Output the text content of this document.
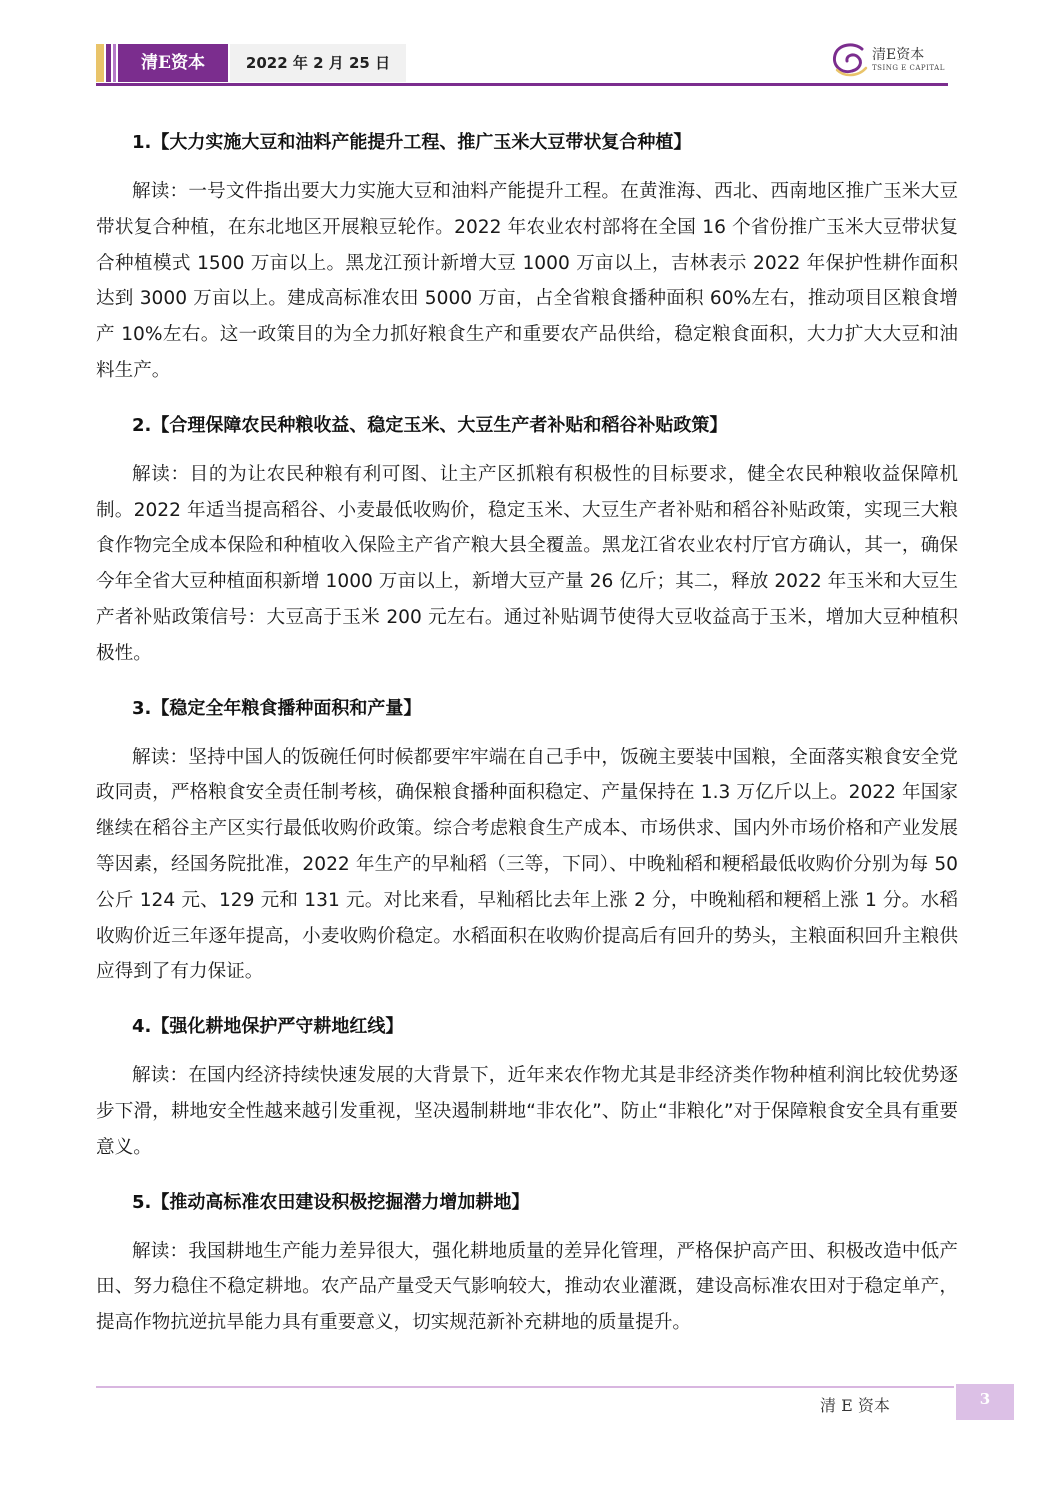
清E资本	2022 年 2 月 25 日	清E资本
TSING E CAPITAL
1.【大力实施大豆和油料产能提升工程、推广玉米大豆带状复合种植】

解读：一号文件指出要大力实施大豆和油料产能提升工程。在黄淮海、西北、西南地区推广玉米大豆带状复合种植，在东北地区开展粮豆轮作。2022 年农业农村部将在全国 16 个省份推广玉米大豆带状复合种植模式 1500 万亩以上。黑龙江预计新增大豆 1000 万亩以上，吉林表示 2022 年保护性耕作面积达到 3000 万亩以上。建成高标准农田 5000 万亩，占全省粮食播种面积 60%左右，推动项目区粮食增产 10%左右。这一政策目的为全力抓好粮食生产和重要农产品供给，稳定粮食面积，大力扩大大豆和油料生产。

2.【合理保障农民种粮收益、稳定玉米、大豆生产者补贴和稻谷补贴政策】

解读：目的为让农民种粮有利可图、让主产区抓粮有积极性的目标要求，健全农民种粮收益保障机制。2022 年适当提高稻谷、小麦最低收购价，稳定玉米、大豆生产者补贴和稻谷补贴政策，实现三大粮食作物完全成本保险和种植收入保险主产省产粮大县全覆盖。黑龙江省农业农村厅官方确认，其一，确保今年全省大豆种植面积新增 1000 万亩以上，新增大豆产量 26 亿斤；其二，释放 2022 年玉米和大豆生产者补贴政策信号：大豆高于玉米 200 元左右。通过补贴调节使得大豆收益高于玉米，增加大豆种植积极性。

3.【稳定全年粮食播种面积和产量】

解读：坚持中国人的饭碗任何时候都要牢牢端在自己手中，饭碗主要装中国粮，全面落实粮食安全党政同责，严格粮食安全责任制考核，确保粮食播种面积稳定、产量保持在 1.3 万亿斤以上。2022 年国家继续在稻谷主产区实行最低收购价政策。综合考虑粮食生产成本、市场供求、国内外市场价格和产业发展等因素，经国务院批准，2022 年生产的早籼稻（三等，下同）、中晚籼稻和粳稻最低收购价分别为每 50 公斤 124 元、129 元和 131 元。对比来看，早籼稻比去年上涨 2 分，中晚籼稻和粳稻上涨 1 分。水稻收购价近三年逐年提高，小麦收购价稳定。水稻面积在收购价提高后有回升的势头，主粮面积回升主粮供应得到了有力保证。

4.【强化耕地保护严守耕地红线】

解读：在国内经济持续快速发展的大背景下，近年来农作物尤其是非经济类作物种植利润比较优势逐步下滑，耕地安全性越来越引发重视，坚决遏制耕地“非农化”、防止“非粮化”对于保障粮食安全具有重要意义。

5.【推动高标准农田建设积极挖掘潜力增加耕地】

解读：我国耕地生产能力差异很大，强化耕地质量的差异化管理，严格保护高产田、积极改造中低产田、努力稳住不稳定耕地。农产品产量受天气影响较大，推动农业灌溉，建设高标准农田对于稳定单产，提高作物抗逆抗旱能力具有重要意义，切实规范新补充耕地的质量提升。

清 E 资本	3
